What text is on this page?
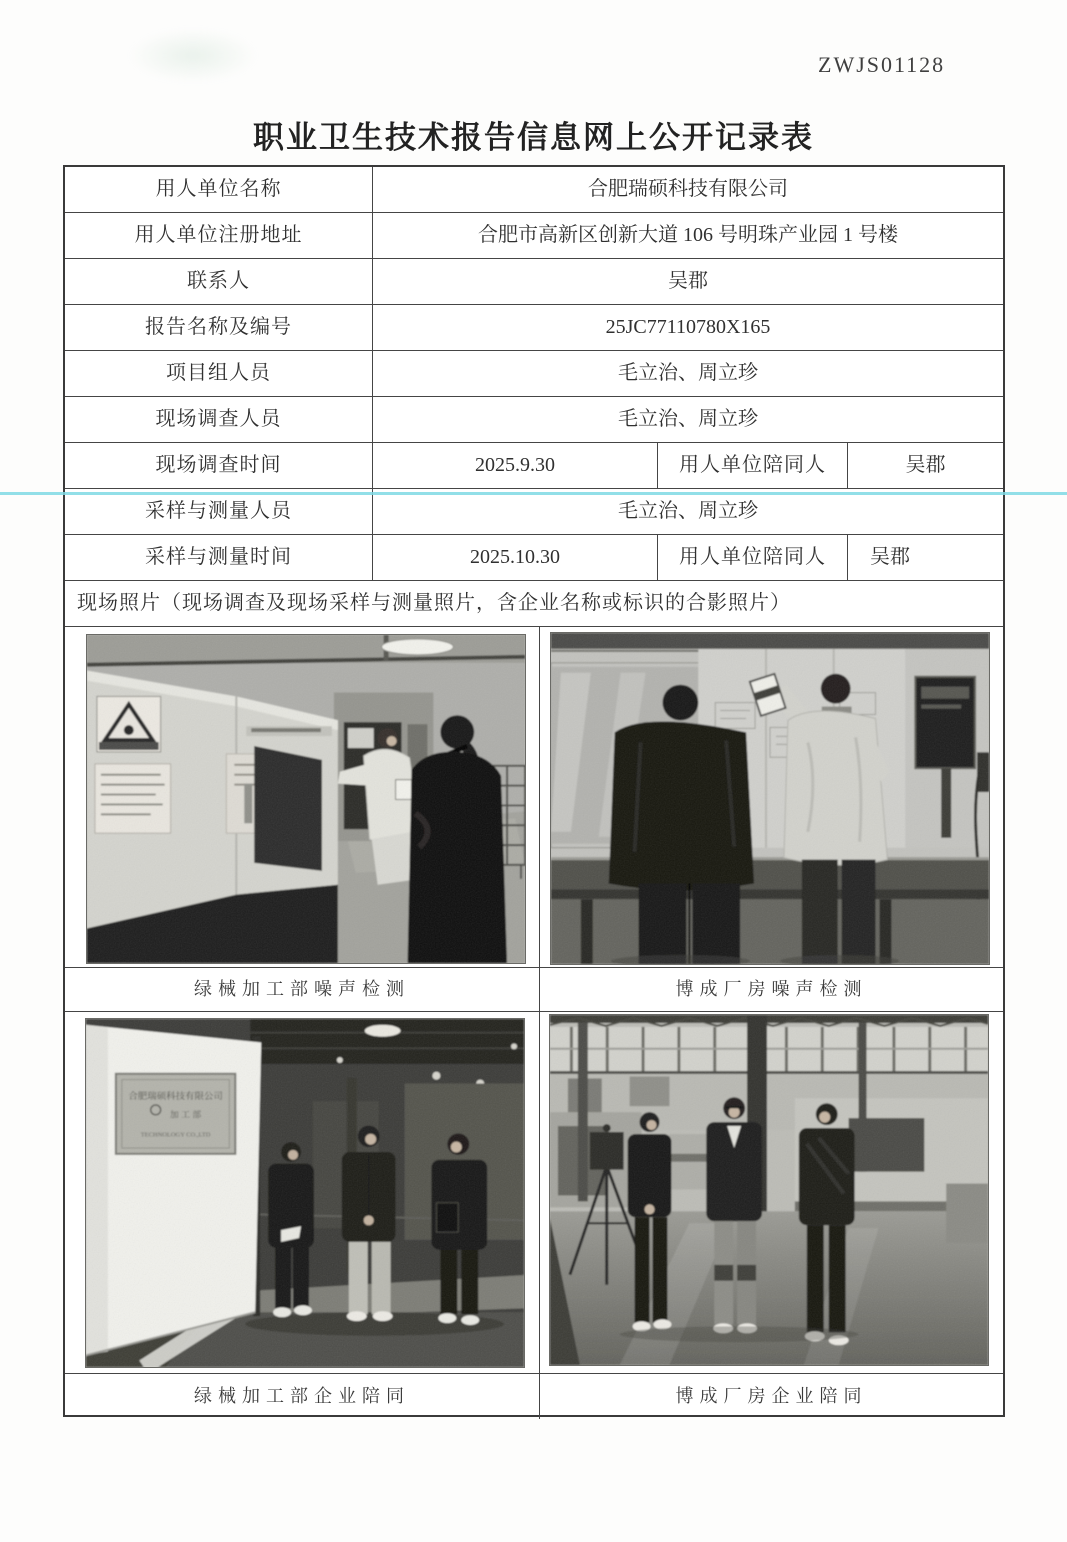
ZWJS01128
职业卫生技术报告信息网上公开记录表
用人单位名称	合肥瑞硕科技有限公司
用人单位注册地址	合肥市高新区创新大道 106 号明珠产业园 1 号楼
联系人	吴郡
报告名称及编号	25JC77110780X165
项目组人员	毛立治、周立珍
现场调查人员	毛立治、周立珍
现场调查时间	2025.9.30	用人单位陪同人	吴郡
采样与测量人员	毛立治、周立珍
采样与测量时间	2025.10.30	用人单位陪同人	吴郡
现场照片（现场调查及现场采样与测量照片，含企业名称或标识的合影照片）
绿械加工部噪声检测	博成厂房噪声检测
合肥瑞硕科技有限公司
加 工 部
TECHNOLOGY CO.,LTD
绿械加工部企业陪同	博成厂房企业陪同
